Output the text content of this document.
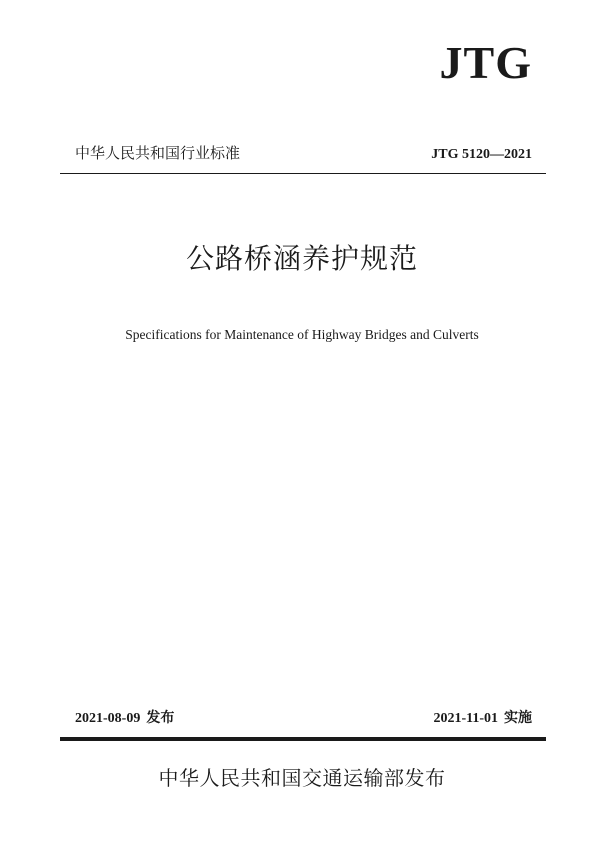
JTG
中华人民共和国行业标准	JTG 5120—2021
公路桥涵养护规范
Specifications for Maintenance of Highway Bridges and Culverts
2021-08-09 发布	2021-11-01 实施
中华人民共和国交通运输部发布
